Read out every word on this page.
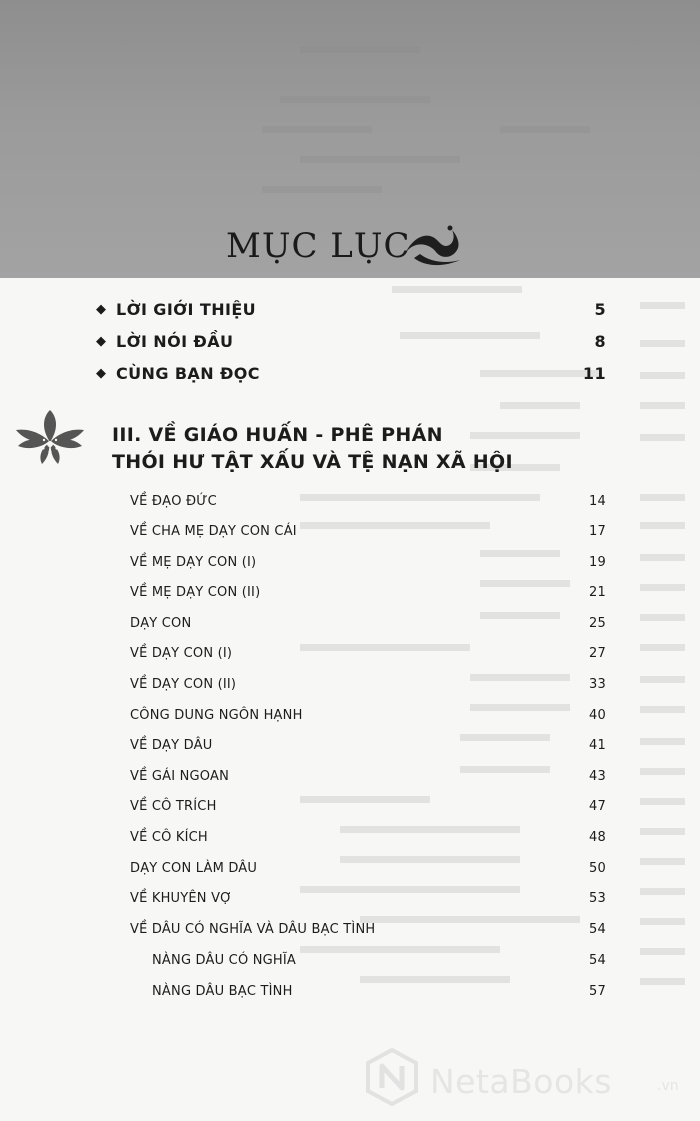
MỤC LỤC
◆ LỜI GIỚI THIỆU	5
◆ LỜI NÓI ĐẦU	8
◆ CÙNG BẠN ĐỌC	11
III. VỀ GIÁO HUẤN - PHÊ PHÁN
THÓI HƯ TẬT XẤU VÀ TỆ NẠN XÃ HỘI
VỀ ĐẠO ĐỨC	14
VỀ CHA MẸ DẠY CON CÁI	17
VỀ MẸ DẠY CON (I)	19
VỀ MẸ DẠY CON (II)	21
DẠY CON	25
VỀ DẠY CON (I)	27
VỀ DẠY CON (II)	33
CÔNG DUNG NGÔN HẠNH	40
VỀ DẠY DÂU	41
VỀ GÁI NGOAN	43
VỀ CÔ TRÍCH	47
VỀ CÔ KÍCH	48
DẠY CON LÀM DÂU	50
VỀ KHUYÊN VỢ	53
VỀ DÂU CÓ NGHĨA VÀ DÂU BẠC TÌNH	54
NÀNG DÂU CÓ NGHĨA	54
NÀNG DÂU BẠC TÌNH	57
NetaBooks	.vn
